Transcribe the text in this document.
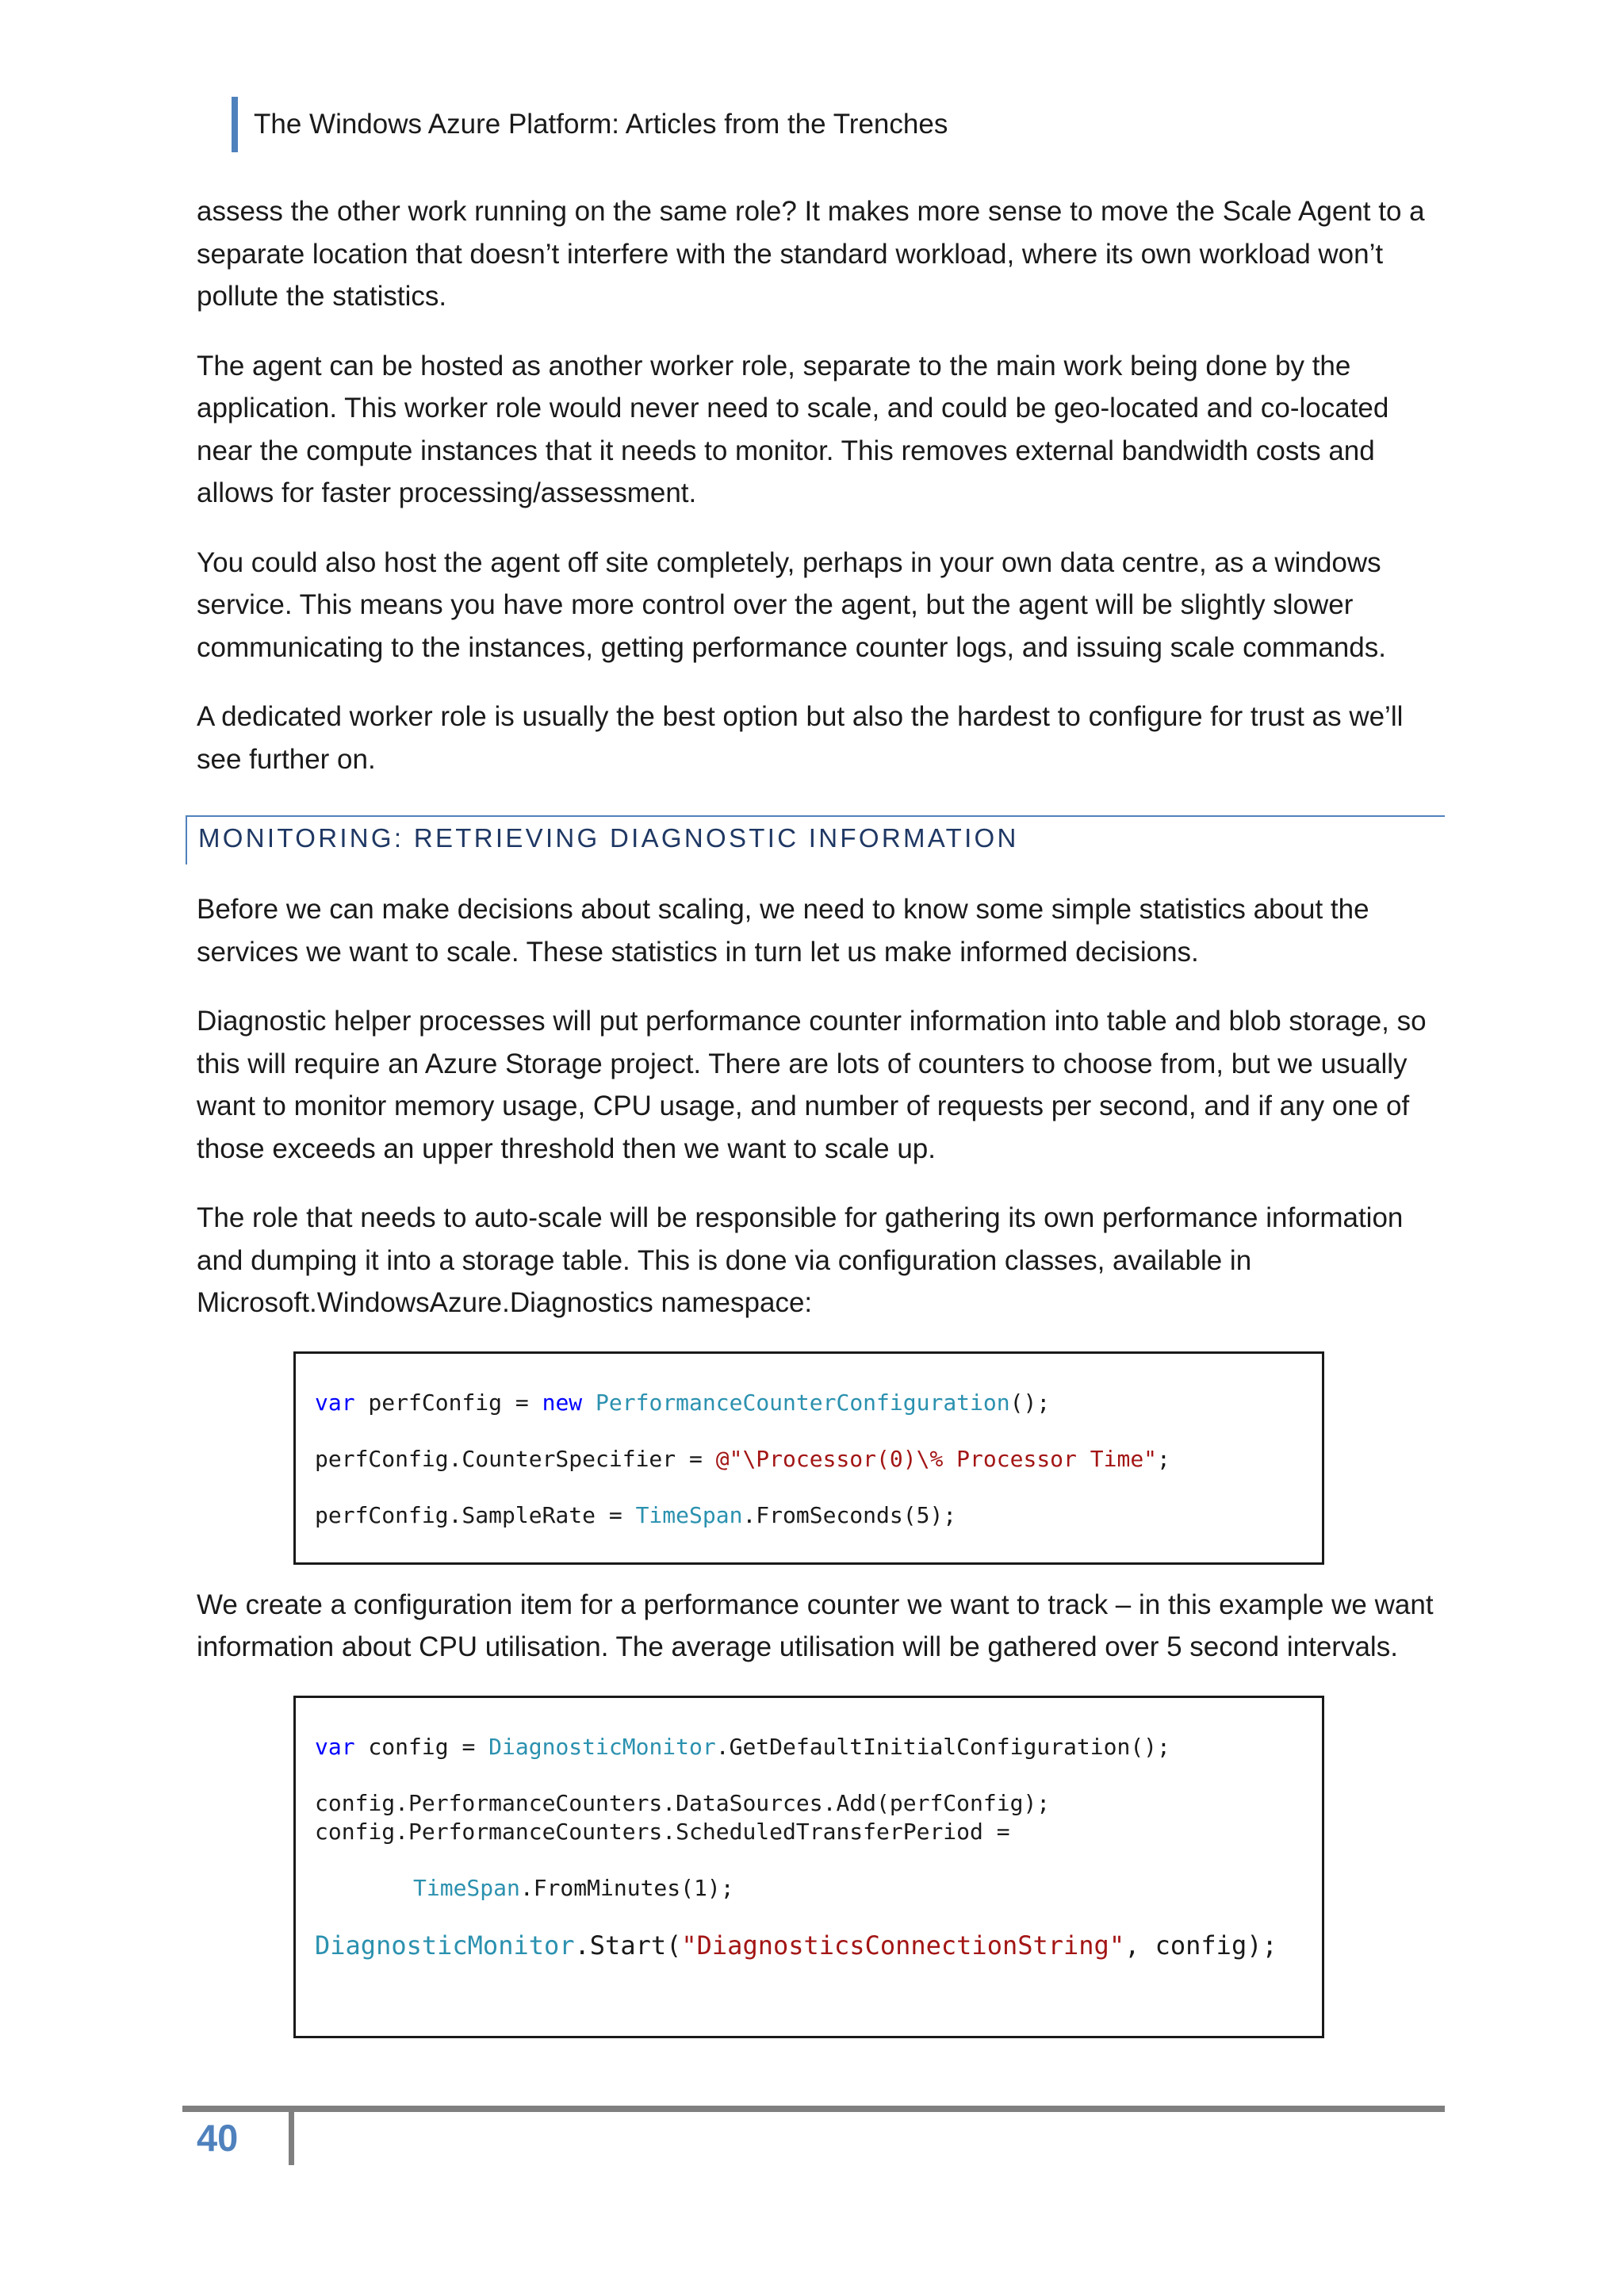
The Windows Azure Platform: Articles from the Trenches

assess the other work running on the same role? It makes more sense to move the Scale Agent to a separate location that doesn’t interfere with the standard workload, where its own workload won’t pollute the statistics.

The agent can be hosted as another worker role, separate to the main work being done by the application. This worker role would never need to scale, and could be geo-located and co-located near the compute instances that it needs to monitor. This removes external bandwidth costs and allows for faster processing/assessment.

You could also host the agent off site completely, perhaps in your own data centre, as a windows service. This means you have more control over the agent, but the agent will be slightly slower communicating to the instances, getting performance counter logs, and issuing scale commands.

A dedicated worker role is usually the best option but also the hardest to configure for trust as we’ll see further on.

MONITORING: RETRIEVING DIAGNOSTIC INFORMATION

Before we can make decisions about scaling, we need to know some simple statistics about the services we want to scale. These statistics in turn let us make informed decisions.

Diagnostic helper processes will put performance counter information into table and blob storage, so this will require an Azure Storage project. There are lots of counters to choose from, but we usually want to monitor memory usage, CPU usage, and number of requests per second, and if any one of those exceeds an upper threshold then we want to scale up.

The role that needs to auto-scale will be responsible for gathering its own performance information and dumping it into a storage table. This is done via configuration classes, available in Microsoft.WindowsAzure.Diagnostics namespace:

var perfConfig = new PerformanceCounterConfiguration();
perfConfig.CounterSpecifier = @"\Processor(0)\% Processor Time";
perfConfig.SampleRate = TimeSpan.FromSeconds(5);

We create a configuration item for a performance counter we want to track – in this example we want information about CPU utilisation. The average utilisation will be gathered over 5 second intervals.

var config = DiagnosticMonitor.GetDefaultInitialConfiguration();
config.PerformanceCounters.DataSources.Add(perfConfig);
config.PerformanceCounters.ScheduledTransferPeriod =
TimeSpan.FromMinutes(1);
DiagnosticMonitor.Start("DiagnosticsConnectionString", config);
40
